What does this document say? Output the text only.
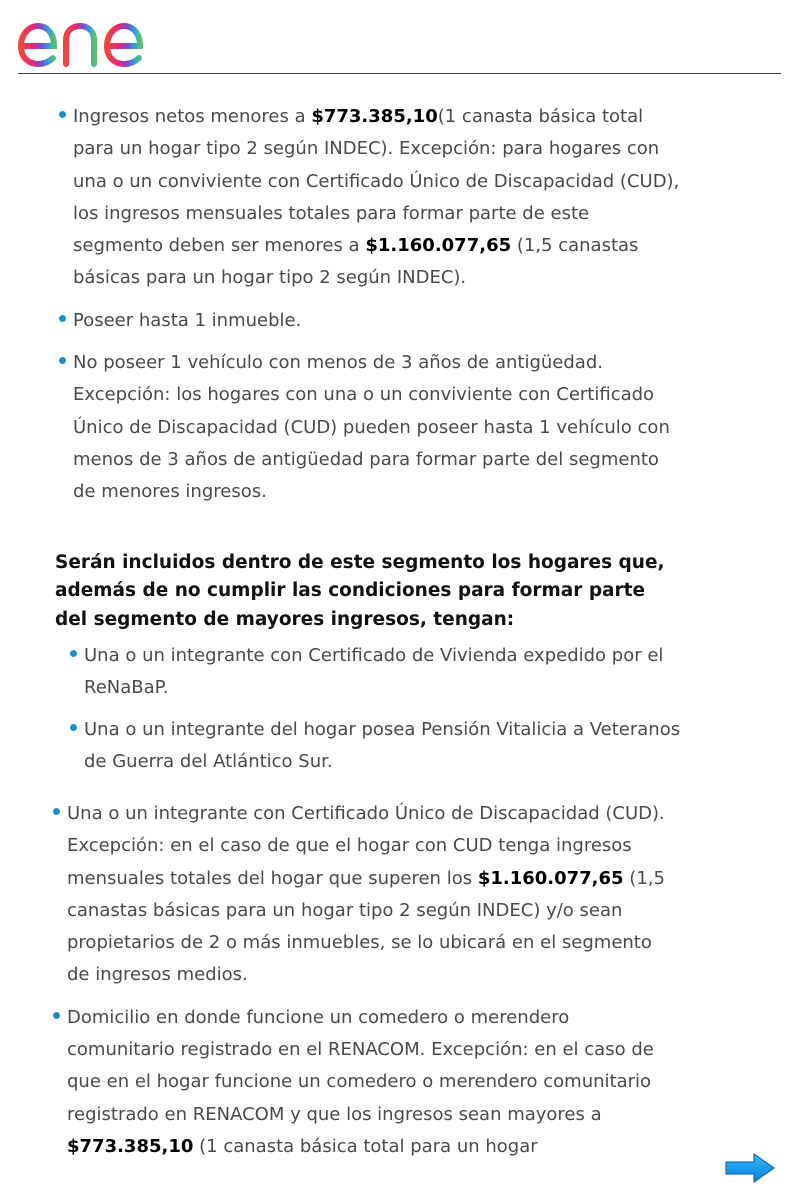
Ingresos netos menores a $773.385,10(1 canasta básica total para un hogar tipo 2 según INDEC). Excepción: para hogares con una o un conviviente con Certificado Único de Discapacidad (CUD), los ingresos mensuales totales para formar parte de este segmento deben ser menores a $1.160.077,65 (1,5 canastas básicas para un hogar tipo 2 según INDEC).
Poseer hasta 1 inmueble.
No poseer 1 vehículo con menos de 3 años de antigüedad. Excepción: los hogares con una o un conviviente con Certificado Único de Discapacidad (CUD) pueden poseer hasta 1 vehículo con menos de 3 años de antigüedad para formar parte del segmento de menores ingresos.

Serán incluidos dentro de este segmento los hogares que, además de no cumplir las condiciones para formar parte del segmento de mayores ingresos, tengan:

Una o un integrante con Certificado de Vivienda expedido por el ReNaBaP.
Una o un integrante del hogar posea Pensión Vitalicia a Veteranos de Guerra del Atlántico Sur.
Una o un integrante con Certificado Único de Discapacidad (CUD). Excepción: en el caso de que el hogar con CUD tenga ingresos mensuales totales del hogar que superen los $1.160.077,65 (1,5 canastas básicas para un hogar tipo 2 según INDEC) y/o sean propietarios de 2 o más inmuebles, se lo ubicará en el segmento de ingresos medios.
Domicilio en donde funcione un comedero o merendero comunitario registrado en el RENACOM. Excepción: en el caso de que en el hogar funcione un comedero o merendero comunitario registrado en RENACOM y que los ingresos sean mayores a $773.385,10 (1 canasta básica total para un hogar
